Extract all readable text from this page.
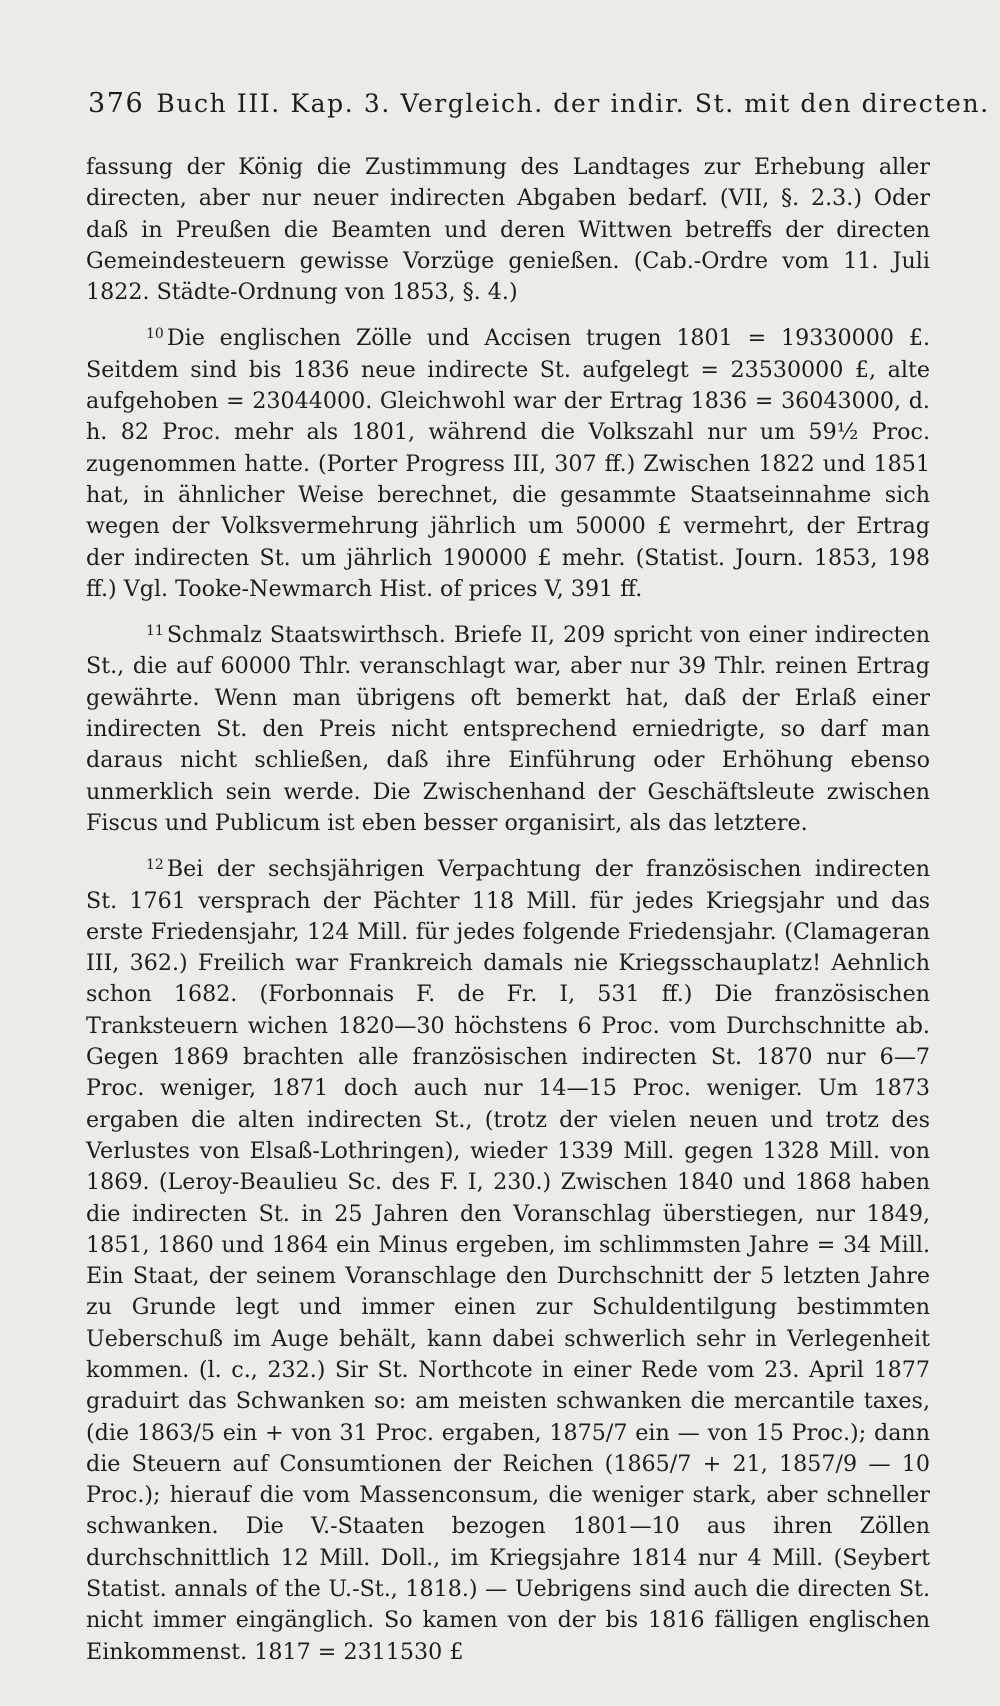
376 Buch III. Kap. 3. Vergleich. der indir. St. mit den directen.

fassung der König die Zustimmung des Landtages zur Erhebung aller directen, aber nur neuer indirecten Abgaben bedarf. (VII, §. 2.3.) Oder daß in Preußen die Beamten und deren Wittwen betreffs der directen Gemeindesteuern gewisse Vorzüge genießen. (Cab.-Ordre vom 11. Juli 1822. Städte-Ordnung von 1853, §. 4.)

$^{10}$ Die englischen Zölle und Accisen trugen 1801 = 19330000 £. Seitdem sind bis 1836 neue indirecte St. aufgelegt = 23530000 £, alte aufgehoben = 23044000. Gleichwohl war der Ertrag 1836 = 36043000, d. h. 82 Proc. mehr als 1801, während die Volkszahl nur um 59½ Proc. zugenommen hatte. (Porter Progress III, 307 ff.) Zwischen 1822 und 1851 hat, in ähnlicher Weise berechnet, die gesammte Staatseinnahme sich wegen der Volksvermehrung jährlich um 50000 £ vermehrt, der Ertrag der indirecten St. um jährlich 190000 £ mehr. (Statist. Journ. 1853, 198 ff.) Vgl. Tooke-Newmarch Hist. of prices V, 391 ff.

$^{11}$ Schmalz Staatswirthsch. Briefe II, 209 spricht von einer indirecten St., die auf 60000 Thlr. veranschlagt war, aber nur 39 Thlr. reinen Ertrag gewährte. Wenn man übrigens oft bemerkt hat, daß der Erlaß einer indirecten St. den Preis nicht entsprechend erniedrigte, so darf man daraus nicht schließen, daß ihre Einführung oder Erhöhung ebenso unmerklich sein werde. Die Zwischenhand der Geschäftsleute zwischen Fiscus und Publicum ist eben besser organisirt, als das letztere.

$^{12}$ Bei der sechsjährigen Verpachtung der französischen indirecten St. 1761 versprach der Pächter 118 Mill. für jedes Kriegsjahr und das erste Friedensjahr, 124 Mill. für jedes folgende Friedensjahr. (Clamageran III, 362.) Freilich war Frankreich damals nie Kriegsschauplatz! Aehnlich schon 1682. (Forbonnais F. de Fr. I, 531 ff.) Die französischen Tranksteuern wichen 1820—30 höchstens 6 Proc. vom Durchschnitte ab. Gegen 1869 brachten alle französischen indirecten St. 1870 nur 6—7 Proc. weniger, 1871 doch auch nur 14—15 Proc. weniger. Um 1873 ergaben die alten indirecten St., (trotz der vielen neuen und trotz des Verlustes von Elsaß-Lothringen), wieder 1339 Mill. gegen 1328 Mill. von 1869. (Leroy-Beaulieu Sc. des F. I, 230.) Zwischen 1840 und 1868 haben die indirecten St. in 25 Jahren den Voranschlag überstiegen, nur 1849, 1851, 1860 und 1864 ein Minus ergeben, im schlimmsten Jahre = 34 Mill. Ein Staat, der seinem Voranschlage den Durchschnitt der 5 letzten Jahre zu Grunde legt und immer einen zur Schuldentilgung bestimmten Ueberschuß im Auge behält, kann dabei schwerlich sehr in Verlegenheit kommen. (l. c., 232.) Sir St. Northcote in einer Rede vom 23. April 1877 graduirt das Schwanken so: am meisten schwanken die mercantile taxes, (die 1863/5 ein + von 31 Proc. ergaben, 1875/7 ein — von 15 Proc.); dann die Steuern auf Consumtionen der Reichen (1865/7 + 21, 1857/9 — 10 Proc.); hierauf die vom Massenconsum, die weniger stark, aber schneller schwanken. Die V.-Staaten bezogen 1801—10 aus ihren Zöllen durchschnittlich 12 Mill. Doll., im Kriegsjahre 1814 nur 4 Mill. (Seybert Statist. annals of the U.-St., 1818.) — Uebrigens sind auch die directen St. nicht immer eingänglich. So kamen von der bis 1816 fälligen englischen Einkommenst. 1817 = 2311530 £
